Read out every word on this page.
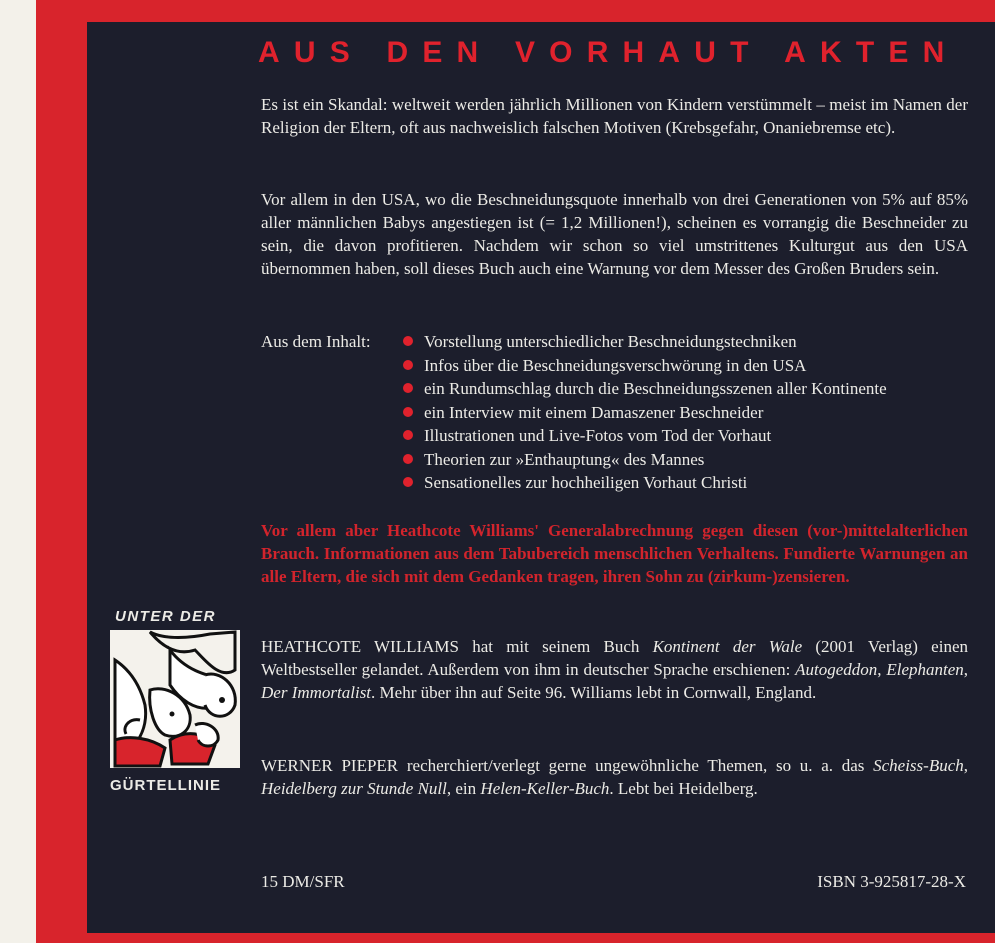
AUS DEN VORHAUT AKTEN

Es ist ein Skandal: weltweit werden jährlich Millionen von Kindern verstümmelt – meist im Namen der Religion der Eltern, oft aus nachweislich falschen Motiven (Krebsgefahr, Onaniebremse etc).

Vor allem in den USA, wo die Beschneidungsquote innerhalb von drei Generationen von 5% auf 85% aller männlichen Babys angestiegen ist (= 1,2 Millionen!), scheinen es vorrangig die Beschneider zu sein, die davon profitieren. Nachdem wir schon so viel umstrittenes Kulturgut aus den USA übernommen haben, soll dieses Buch auch eine Warnung vor dem Messer des Großen Bruders sein.

Aus dem Inhalt:	Vorstellung unterschiedlicher Beschneidungstechniken
Infos über die Beschneidungsverschwörung in den USA
ein Rundumschlag durch die Beschneidungsszenen aller Kontinente
ein Interview mit einem Damaszener Beschneider
Illustrationen und Live-Fotos vom Tod der Vorhaut
Theorien zur »Enthauptung« des Mannes
Sensationelles zur hochheiligen Vorhaut Christi

Vor allem aber Heathcote Williams' Generalabrechnung gegen diesen (vor-)mittelalterlichen Brauch. Informationen aus dem Tabubereich menschlichen Verhaltens. Fundierte Warnungen an alle Eltern, die sich mit dem Gedanken tragen, ihren Sohn zu (zirkum-)zensieren.

HEATHCOTE WILLIAMS hat mit seinem Buch Kontinent der Wale (2001 Verlag) einen Weltbestseller gelandet. Außerdem von ihm in deutscher Sprache erschienen: Autogeddon, Elephanten, Der Immortalist. Mehr über ihn auf Seite 96. Williams lebt in Cornwall, England.

WERNER PIEPER recherchiert/verlegt gerne ungewöhnliche Themen, so u. a. das Scheiss-Buch, Heidelberg zur Stunde Null, ein Helen-Keller-Buch. Lebt bei Heidelberg.

UNTER DER
GÜRTELLINIE
15 DM/SFR	ISBN 3-925817-28-X
